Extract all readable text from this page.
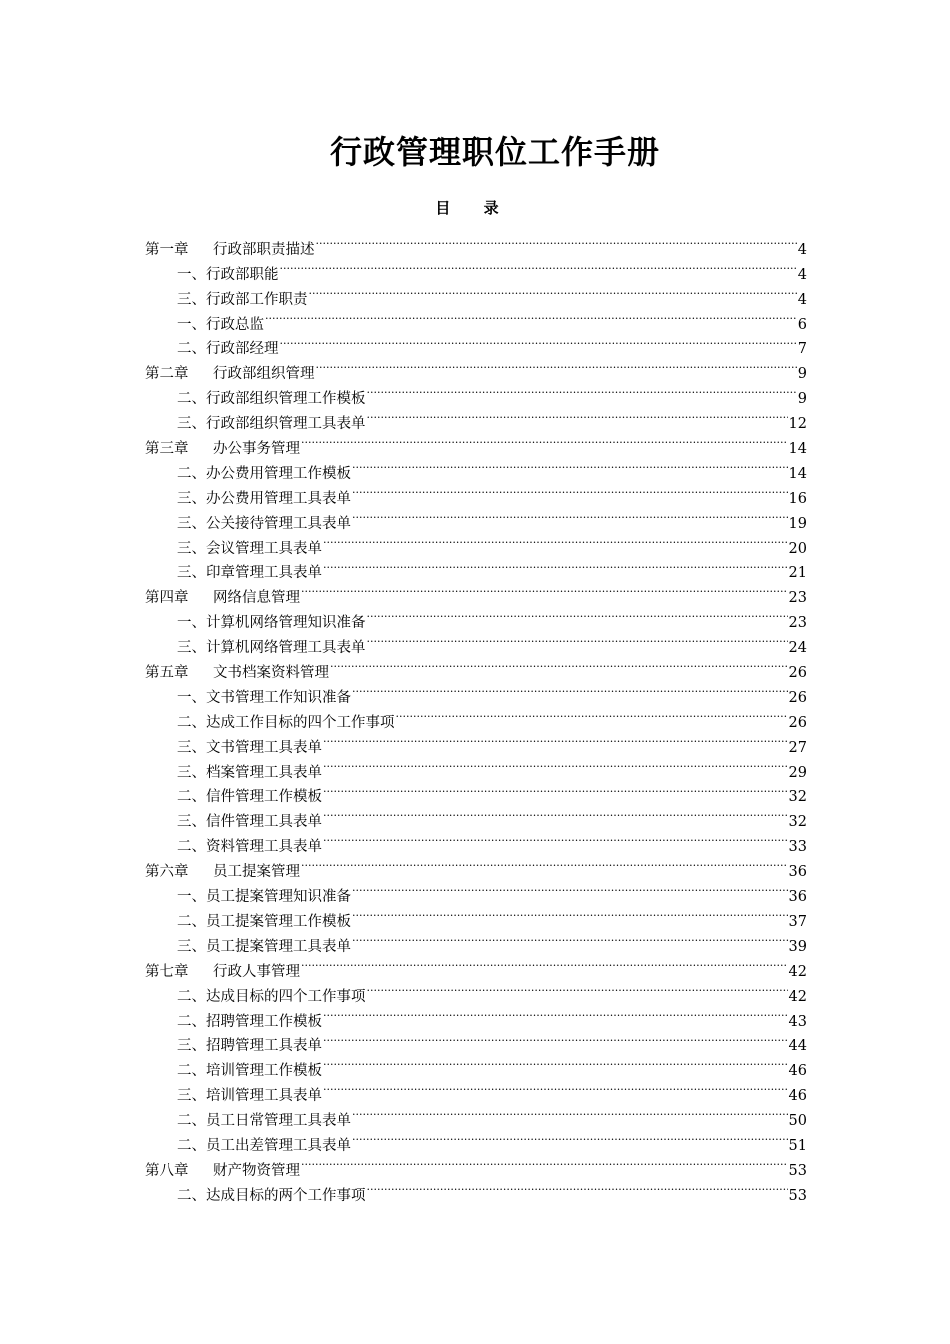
行政管理职位工作手册
目 录
第一章	行政部职责描述 .....	4
一、行政部职能 .....	4
三、行政部工作职责 .....	4
一、行政总监 .....	6
二、行政部经理 .....	7
第二章	行政部组织管理 .....	9
二、行政部组织管理工作模板 .....	9
三、行政部组织管理工具表单 .....	12
第三章	办公事务管理 .....	14
二、办公费用管理工作模板 .....	14
三、办公费用管理工具表单 .....	16
三、公关接待管理工具表单 .....	19
三、会议管理工具表单 .....	20
三、印章管理工具表单 .....	21
第四章	网络信息管理 .....	23
一、计算机网络管理知识准备 .....	23
三、计算机网络管理工具表单 .....	24
第五章	文书档案资料管理 .....	26
一、文书管理工作知识准备 .....	26
二、达成工作目标的四个工作事项 .....	26
三、文书管理工具表单 .....	27
三、档案管理工具表单 .....	29
二、信件管理工作模板 .....	32
三、信件管理工具表单 .....	32
二、资料管理工具表单 .....	33
第六章	员工提案管理 .....	36
一、员工提案管理知识准备 .....	36
二、员工提案管理工作模板 .....	37
三、员工提案管理工具表单 .....	39
第七章	行政人事管理 .....	42
二、达成目标的四个工作事项 .....	42
二、招聘管理工作模板 .....	43
三、招聘管理工具表单 .....	44
二、培训管理工作模板 .....	46
三、培训管理工具表单 .....	46
二、员工日常管理工具表单 .....	50
二、员工出差管理工具表单 .....	51
第八章	财产物资管理 .....	53
二、达成目标的两个工作事项 .....	53
